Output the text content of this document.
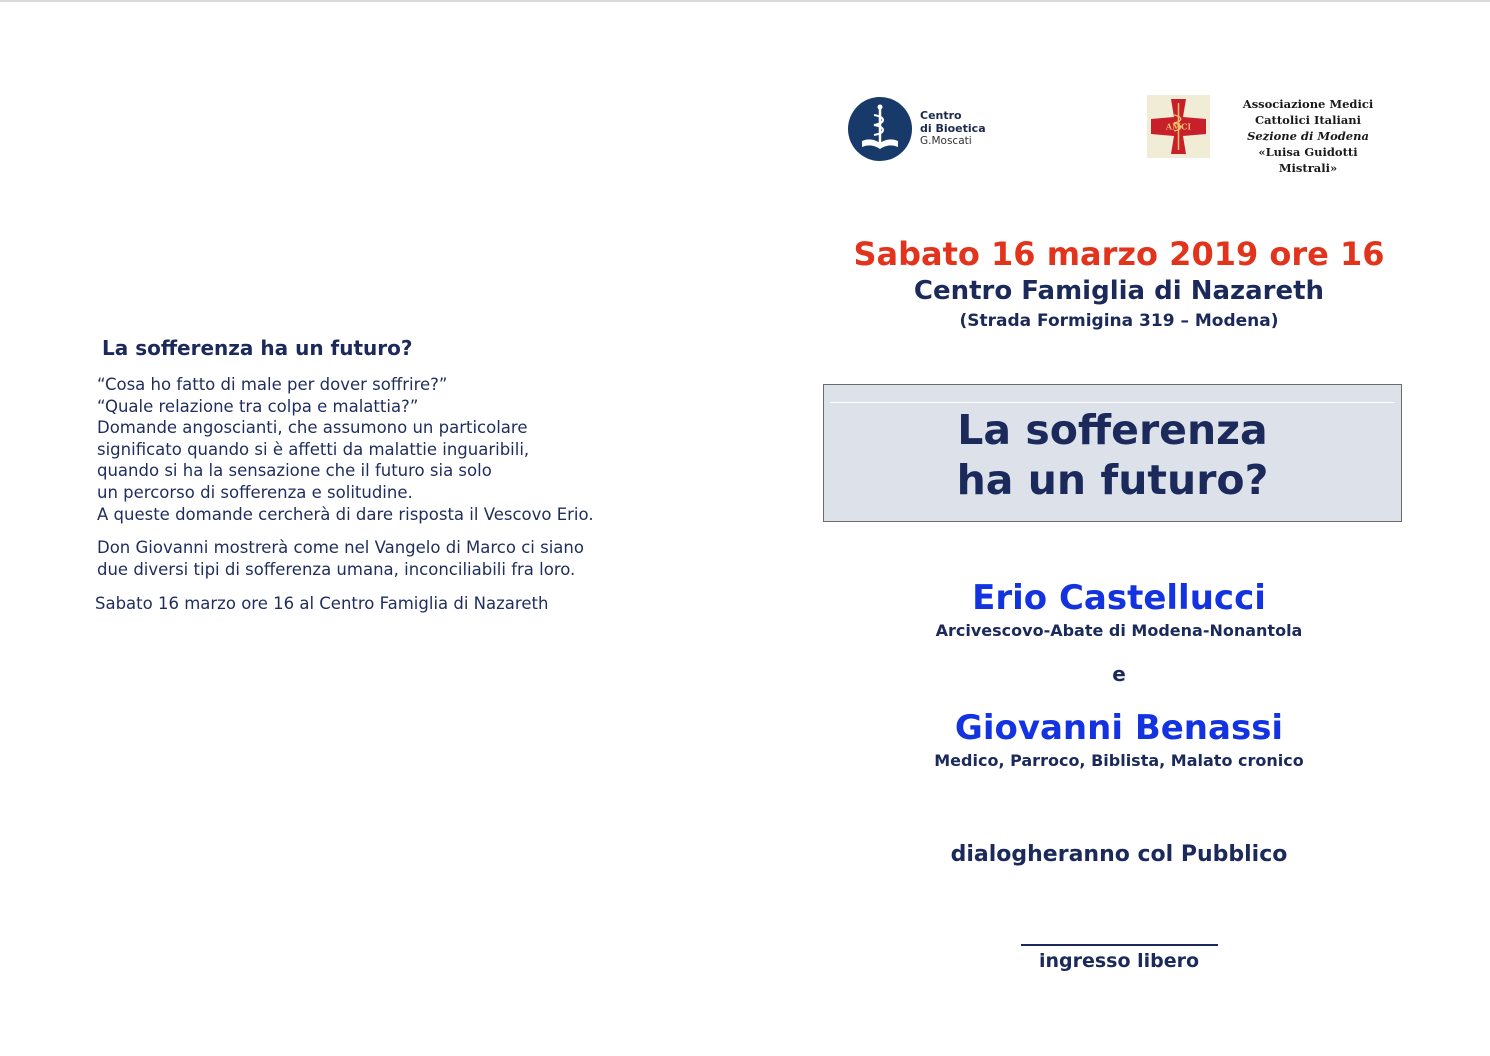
La sofferenza ha un futuro?
“Cosa ho fatto di male per dover soffrire?”
“Quale relazione tra colpa e malattia?”
Domande angoscianti, che assumono un particolare
significato quando si è affetti da malattie inguaribili,
quando si ha la sensazione che il futuro sia solo
un percorso di sofferenza e solitudine.
A queste domande cercherà di dare risposta il Vescovo Erio.
Don Giovanni mostrerà come nel Vangelo di Marco ci siano
due diversi tipi di sofferenza umana, inconciliabili fra loro.
Sabato 16 marzo ore 16 al Centro Famiglia di Nazareth
Centro
di Bioetica
G.Moscati
AMCI
Associazione Medici
Cattolici Italiani
Sezione di Modena
«Luisa Guidotti Mistrali»
Sabato 16 marzo 2019 ore 16
Centro Famiglia di Nazareth
(Strada Formigina 319 – Modena)
La sofferenza
ha un futuro?
Erio Castellucci
Arcivescovo-Abate di Modena-Nonantola
e
Giovanni Benassi
Medico, Parroco, Biblista, Malato cronico
dialogheranno col Pubblico
ingresso libero
